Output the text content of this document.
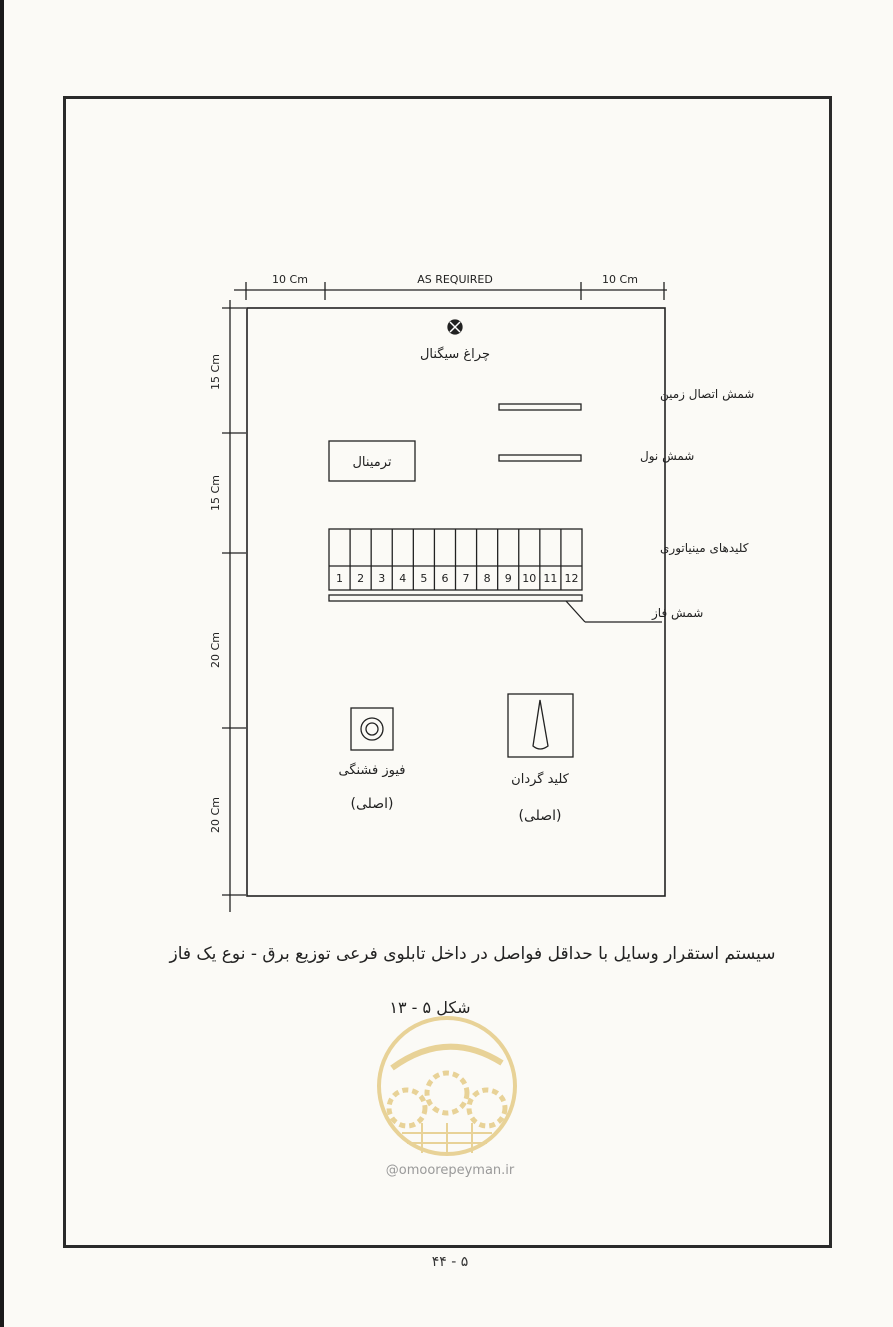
1 2 3 4 5 6 7 8 9 10 11 12
10 Cm	AS REQUIRED	10 Cm
15 Cm
15 Cm
20 Cm
20 Cm
چراغ سیگنال
شمش اتصال زمین
شمش نول
ترمینال
کلیدهای مینیاتوری
شمش فاز
فیوز فشنگی
(اصلی)
کلید گردان
(اصلی)
سیستم استقرار وسایل با حداقل فواصل در داخل تابلوی فرعی توزیع برق - نوع یک فاز
شکل ۵ - ۱۳
@omoorepeyman.ir
۴۴ - ۵
